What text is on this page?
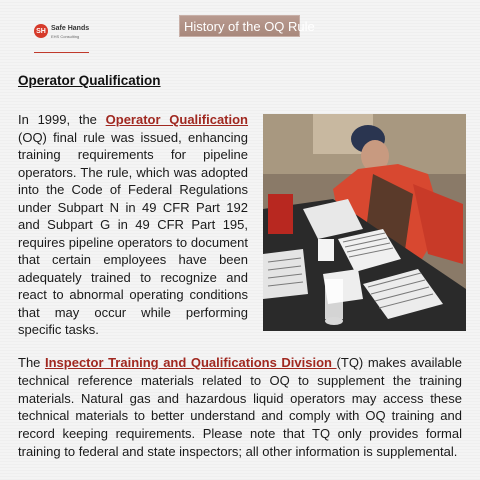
SH Safe Hands
EHS Consulting
History of the OQ Rule
Operator Qualification
In 1999, the Operator Qualification (OQ) final rule was issued, enhancing training requirements for pipeline operators. The rule, which was adopted into the Code of Federal Regulations under Subpart N in 49 CFR Part 192 and Subpart G in 49 CFR Part 195, requires pipeline operators to document that certain employees have been adequately trained to recognize and react to abnormal operating conditions that may occur while performing specific tasks.
The Inspector Training and Qualifications Division (TQ) makes available technical reference materials related to OQ to supplement the training materials. Natural gas and hazardous liquid operators may access these technical materials to better understand and comply with OQ training and record keeping requirements. Please note that TQ only provides formal training to federal and state inspectors; all other information is supplemental.
